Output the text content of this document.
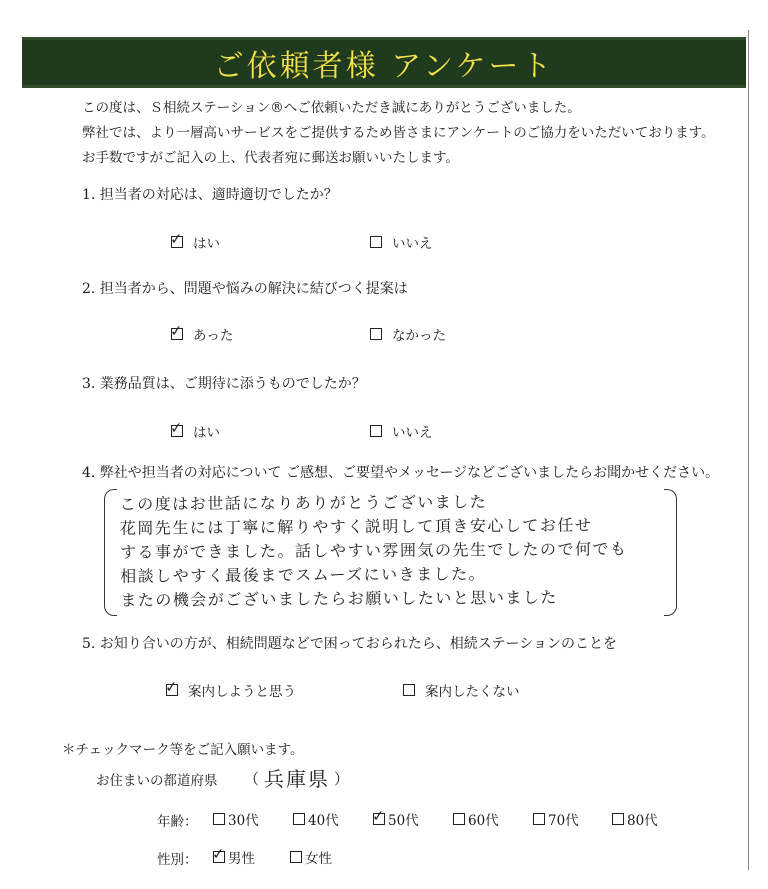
ご依頼者様 アンケート
この度は、Ｓ相続ステーション®へご依頼いただき誠にありがとうございました。
弊社では、より一層高いサービスをご提供するため皆さまにアンケートのご協力をいただいております。
お手数ですがご記入の上、代表者宛に郵送お願いいたします。
1. 担当者の対応は、適時適切でしたか？
✓ はい	いいえ
2. 担当者から、問題や悩みの解決に結びつく提案は
✓ あった	なかった
3. 業務品質は、ご期待に添うものでしたか？
✓ はい	いいえ
4. 弊社や担当者の対応について ご感想、ご要望やメッセージなどございましたらお聞かせください。
この度はお世話になりありがとうございました
花岡先生には丁寧に解りやすく説明して頂き安心してお任せ
する事ができました。話しやすい雰囲気の先生でしたので何でも
相談しやすく最後までスムーズにいきました。
またの機会がございましたらお願いしたいと思いました
5. お知り合いの方が、相続問題などで困っておられたら、相続ステーションのことを
✓ 案内しようと思う	案内したくない
＊チェックマーク等をご記入願います。
お住まいの都道府県 （ 兵庫県 ）
年齢： 30代	40代 ✓ 50代	60代	70代	80代
性別： ✓ 男性	女性
